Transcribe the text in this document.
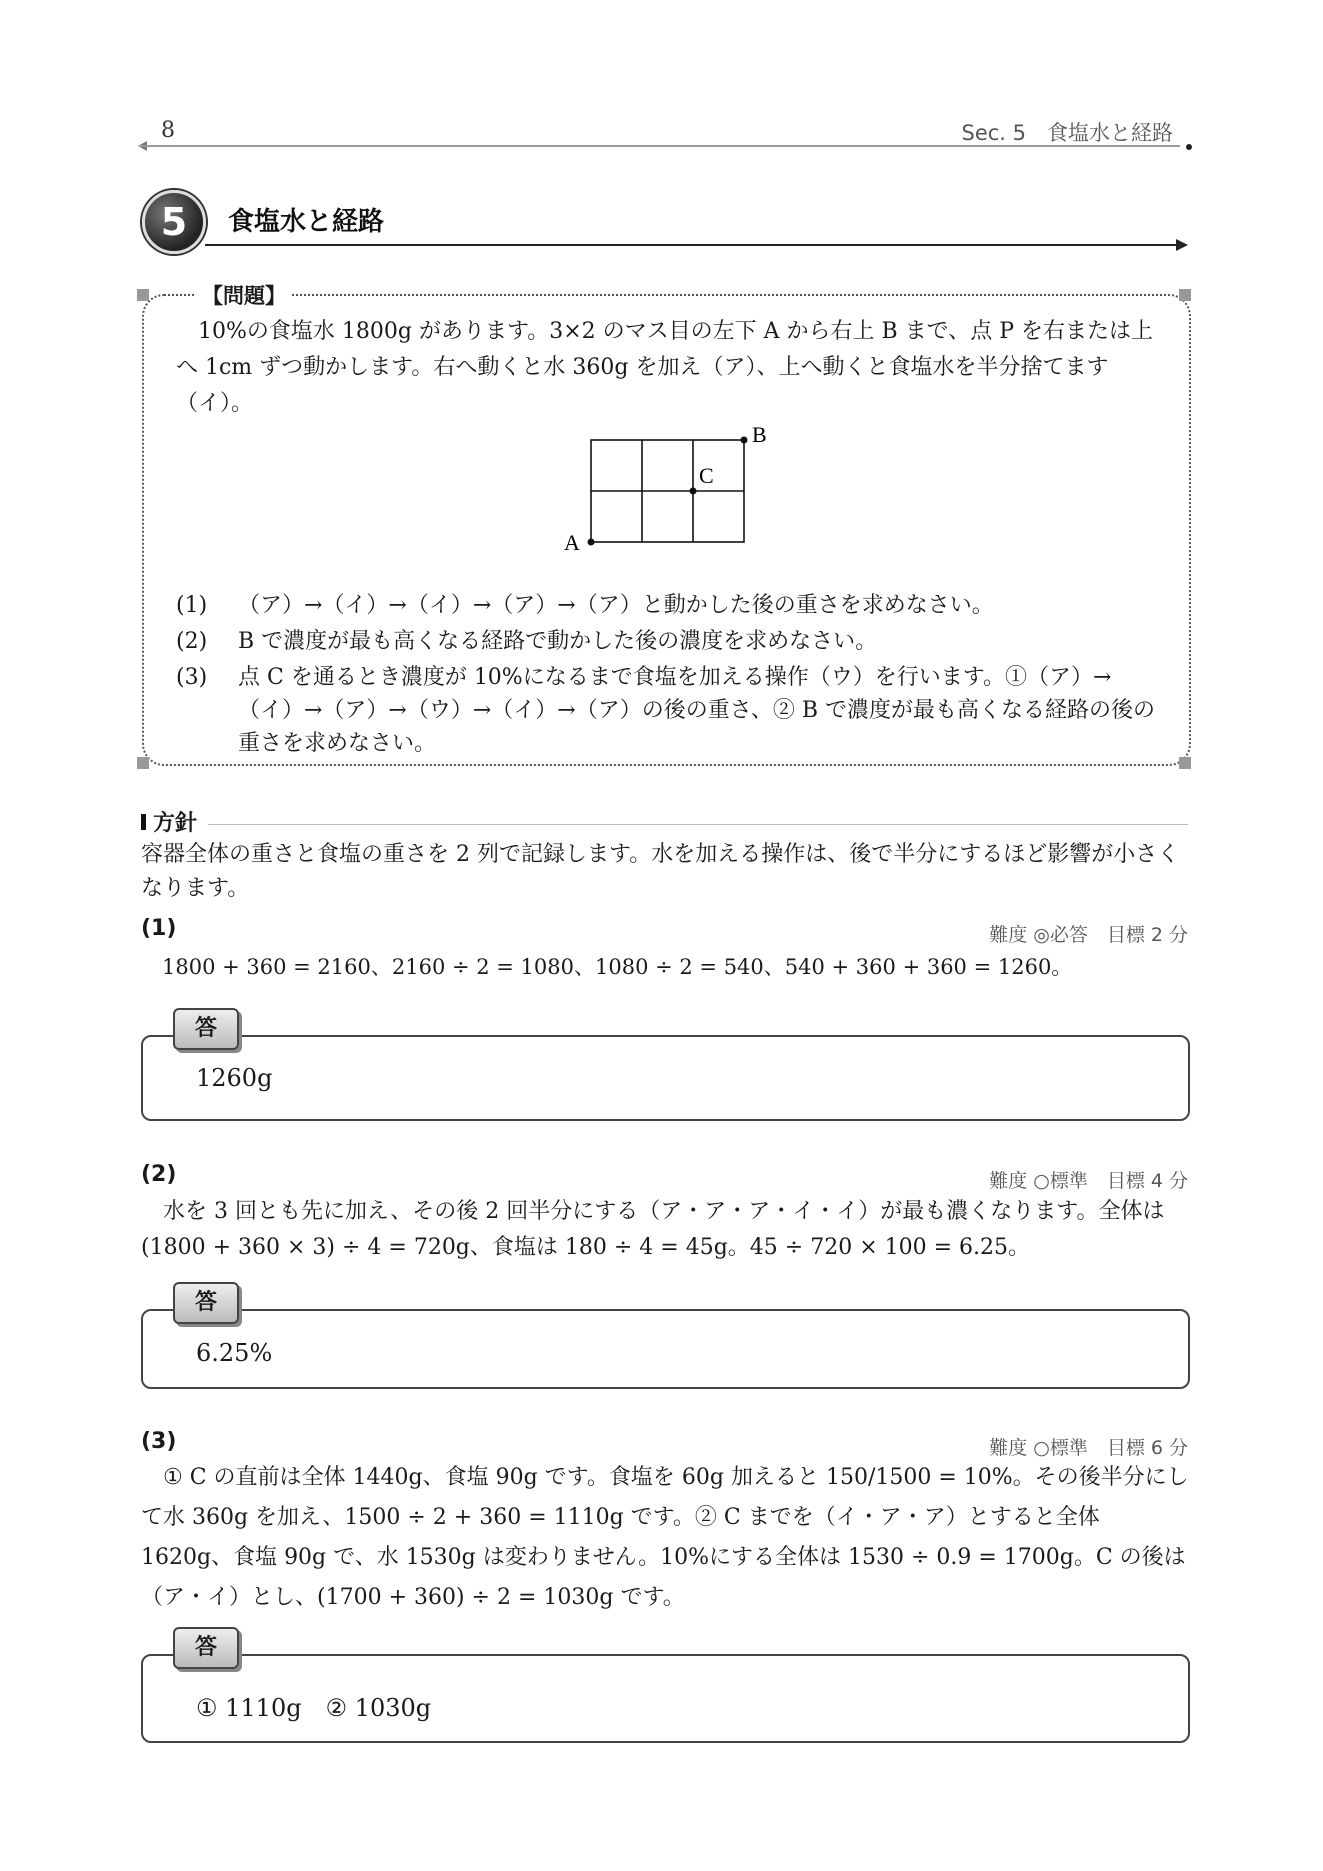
8	Sec. 5　食塩水と経路
5	食塩水と経路
【問題】
10%の食塩水 1800g があります。3×2 のマス目の左下 A から右上 B まで、点 P を右または上へ 1cm ずつ動かします。右へ動くと水 360g を加え（ア）、上へ動くと食塩水を半分捨てます（イ）。
A
B
C
(1) （ア）→（イ）→（イ）→（ア）→（ア）と動かした後の重さを求めなさい。
(2) B で濃度が最も高くなる経路で動かした後の濃度を求めなさい。
(3) 点 C を通るとき濃度が 10%になるまで食塩を加える操作（ウ）を行います。①（ア）→（イ）→（ア）→（ウ）→（イ）→（ア）の後の重さ、② B で濃度が最も高くなる経路の後の重さを求めなさい。
方針
容器全体の重さと食塩の重さを 2 列で記録します。水を加える操作は、後で半分にするほど影響が小さくなります。
(1)	難度 ◎必答　目標 2 分
1800 + 360 = 2160、2160 ÷ 2 = 1080、1080 ÷ 2 = 540、540 + 360 + 360 = 1260。
答
1260g
(2)	難度 ○標準　目標 4 分
水を 3 回とも先に加え、その後 2 回半分にする（ア・ア・ア・イ・イ）が最も濃くなります。全体は (1800 + 360 × 3) ÷ 4 = 720g、食塩は 180 ÷ 4 = 45g。45 ÷ 720 × 100 = 6.25。
答
6.25%
(3)	難度 ○標準　目標 6 分
① C の直前は全体 1440g、食塩 90g です。食塩を 60g 加えると 150/1500 = 10%。その後半分にして水 360g を加え、1500 ÷ 2 + 360 = 1110g です。② C までを（イ・ア・ア）とすると全体 1620g、食塩 90g で、水 1530g は変わりません。10%にする全体は 1530 ÷ 0.9 = 1700g。C の後は（ア・イ）とし、(1700 + 360) ÷ 2 = 1030g です。
答
① 1110g　② 1030g
